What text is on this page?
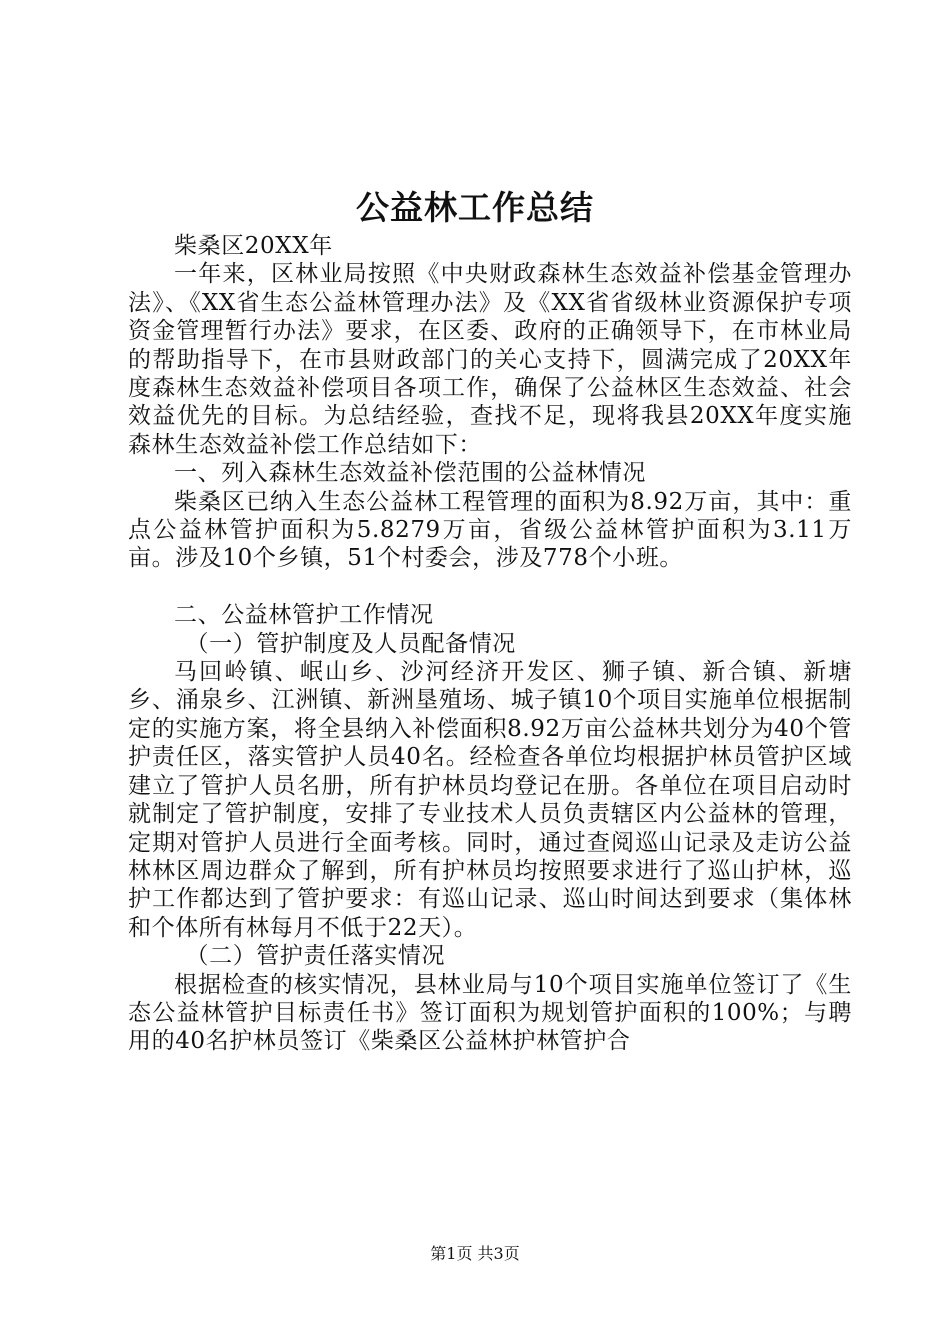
公益林工作总结

柴桑区20XX年

一年来，区林业局按照《中央财政森林生态效益补偿基金管理办法》、《XX省生态公益林管理办法》及《XX省省级林业资源保护专项资金管理暂行办法》要求，在区委、政府的正确领导下，在市林业局的帮助指导下，在市县财政部门的关心支持下，圆满完成了20XX年度森林生态效益补偿项目各项工作，确保了公益林区生态效益、社会效益优先的目标。为总结经验，查找不足，现将我县20XX年度实施森林生态效益补偿工作总结如下：

一、列入森林生态效益补偿范围的公益林情况

柴桑区已纳入生态公益林工程管理的面积为8.92万亩，其中：重点公益林管护面积为5.8279万亩，省级公益林管护面积为3.11万亩。涉及10个乡镇，51个村委会，涉及778个小班。

二、公益林管护工作情况

（一）管护制度及人员配备情况

马回岭镇、岷山乡、沙河经济开发区、狮子镇、新合镇、新塘乡、涌泉乡、江洲镇、新洲垦殖场、城子镇10个项目实施单位根据制定的实施方案，将全县纳入补偿面积8.92万亩公益林共划分为40个管护责任区，落实管护人员40名。经检查各单位均根据护林员管护区域建立了管护人员名册，所有护林员均登记在册。各单位在项目启动时就制定了管护制度，安排了专业技术人员负责辖区内公益林的管理，定期对管护人员进行全面考核。同时，通过查阅巡山记录及走访公益林林区周边群众了解到，所有护林员均按照要求进行了巡山护林，巡护工作都达到了管护要求：有巡山记录、巡山时间达到要求（集体林和个体所有林每月不低于22天）。

（二）管护责任落实情况

根据检查的核实情况，县林业局与10个项目实施单位签订了《生态公益林管护目标责任书》签订面积为规划管护面积的100%；与聘用的40名护林员签订《柴桑区公益林护林管护合

第1页 共3页
